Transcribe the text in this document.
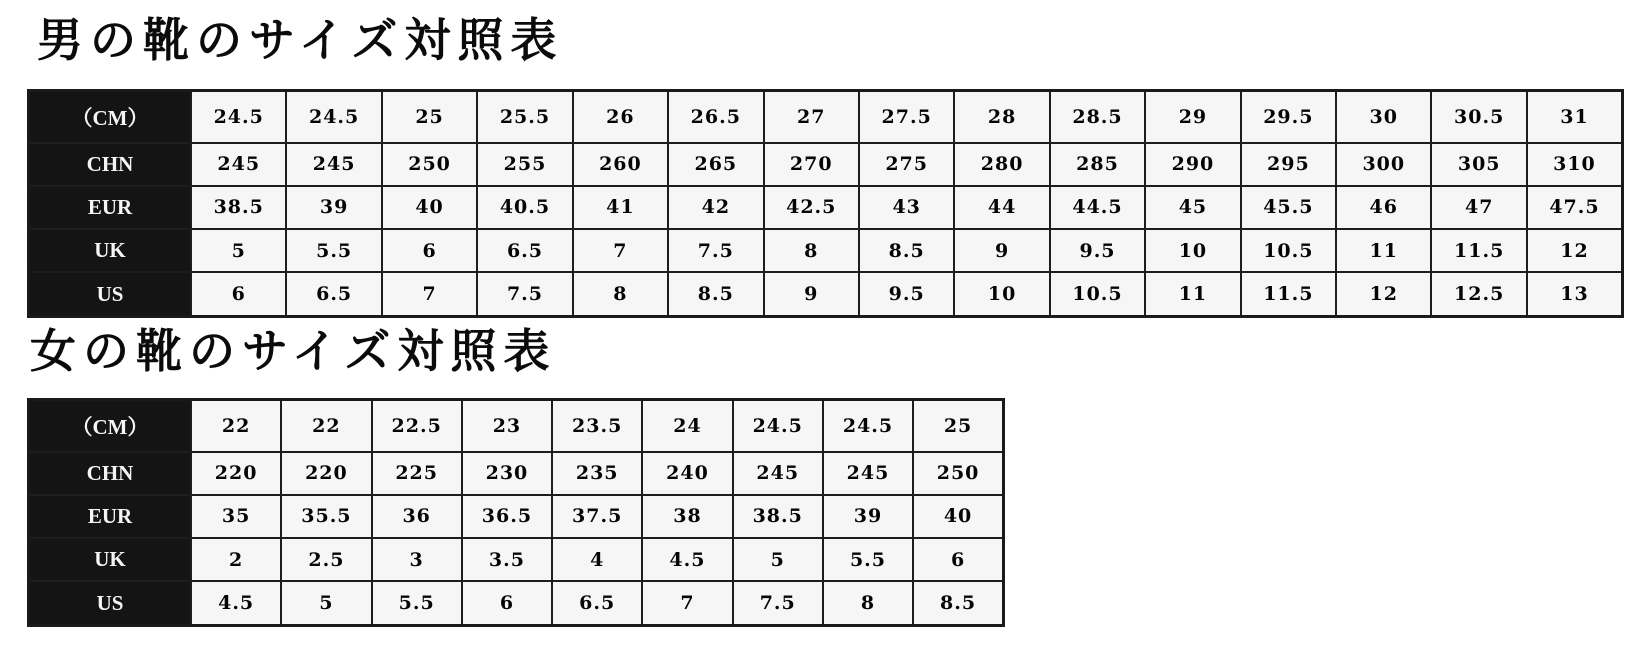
男の靴のサイズ対照表
（CM）	24.5	24.5	25	25.5	26	26.5	27	27.5	28	28.5	29	29.5	30	30.5	31
CHN	245	245	250	255	260	265	270	275	280	285	290	295	300	305	310
EUR	38.5	39	40	40.5	41	42	42.5	43	44	44.5	45	45.5	46	47	47.5
UK	5	5.5	6	6.5	7	7.5	8	8.5	9	9.5	10	10.5	11	11.5	12
US	6	6.5	7	7.5	8	8.5	9	9.5	10	10.5	11	11.5	12	12.5	13
女の靴のサイズ対照表
（CM）	22	22	22.5	23	23.5	24	24.5	24.5	25
CHN	220	220	225	230	235	240	245	245	250
EUR	35	35.5	36	36.5	37.5	38	38.5	39	40
UK	2	2.5	3	3.5	4	4.5	5	5.5	6
US	4.5	5	5.5	6	6.5	7	7.5	8	8.5
